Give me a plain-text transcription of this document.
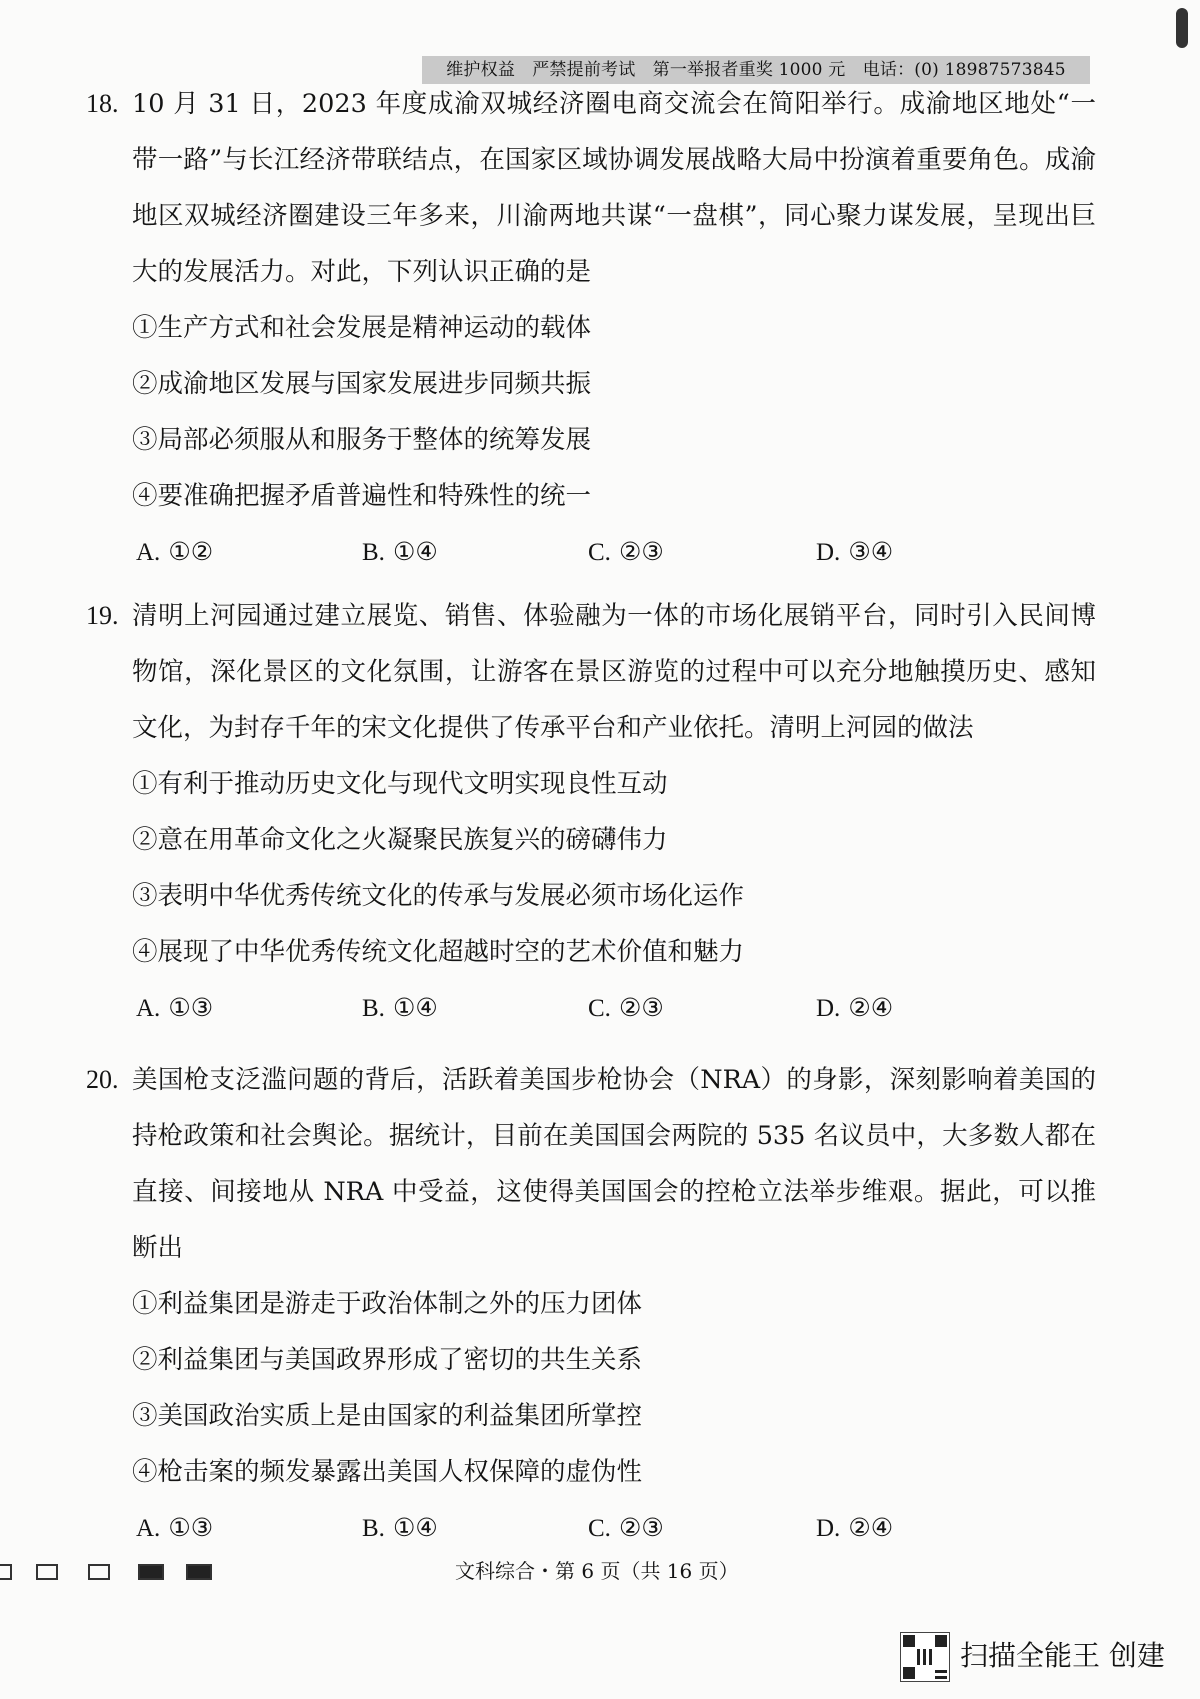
维护权益　严禁提前考试　第一举报者重奖 1000 元　电话：(0) 18987573845
18. 10 月 31 日，2023 年度成渝双城经济圈电商交流会在简阳举行。成渝地区地处“一带一路”与长江经济带联结点，在国家区域协调发展战略大局中扮演着重要角色。成渝地区双城经济圈建设三年多来，川渝两地共谋“一盘棋”，同心聚力谋发展，呈现出巨大的发展活力。对此，下列认识正确的是
①生产方式和社会发展是精神运动的载体
②成渝地区发展与国家发展进步同频共振
③局部必须服从和服务于整体的统筹发展
④要准确把握矛盾普遍性和特殊性的统一
A. ①②	B. ①④	C. ②③	D. ③④
19. 清明上河园通过建立展览、销售、体验融为一体的市场化展销平台，同时引入民间博物馆，深化景区的文化氛围，让游客在景区游览的过程中可以充分地触摸历史、感知文化，为封存千年的宋文化提供了传承平台和产业依托。清明上河园的做法
①有利于推动历史文化与现代文明实现良性互动
②意在用革命文化之火凝聚民族复兴的磅礴伟力
③表明中华优秀传统文化的传承与发展必须市场化运作
④展现了中华优秀传统文化超越时空的艺术价值和魅力
A. ①③	B. ①④	C. ②③	D. ②④
20. 美国枪支泛滥问题的背后，活跃着美国步枪协会（NRA）的身影，深刻影响着美国的持枪政策和社会舆论。据统计，目前在美国国会两院的 535 名议员中，大多数人都在直接、间接地从 NRA 中受益，这使得美国国会的控枪立法举步维艰。据此，可以推断出
①利益集团是游走于政治体制之外的压力团体
②利益集团与美国政界形成了密切的共生关系
③美国政治实质上是由国家的利益集团所掌控
④枪击案的频发暴露出美国人权保障的虚伪性
A. ①③	B. ①④	C. ②③	D. ②④
文科综合・第 6 页（共 16 页）
扫描全能王 创建
